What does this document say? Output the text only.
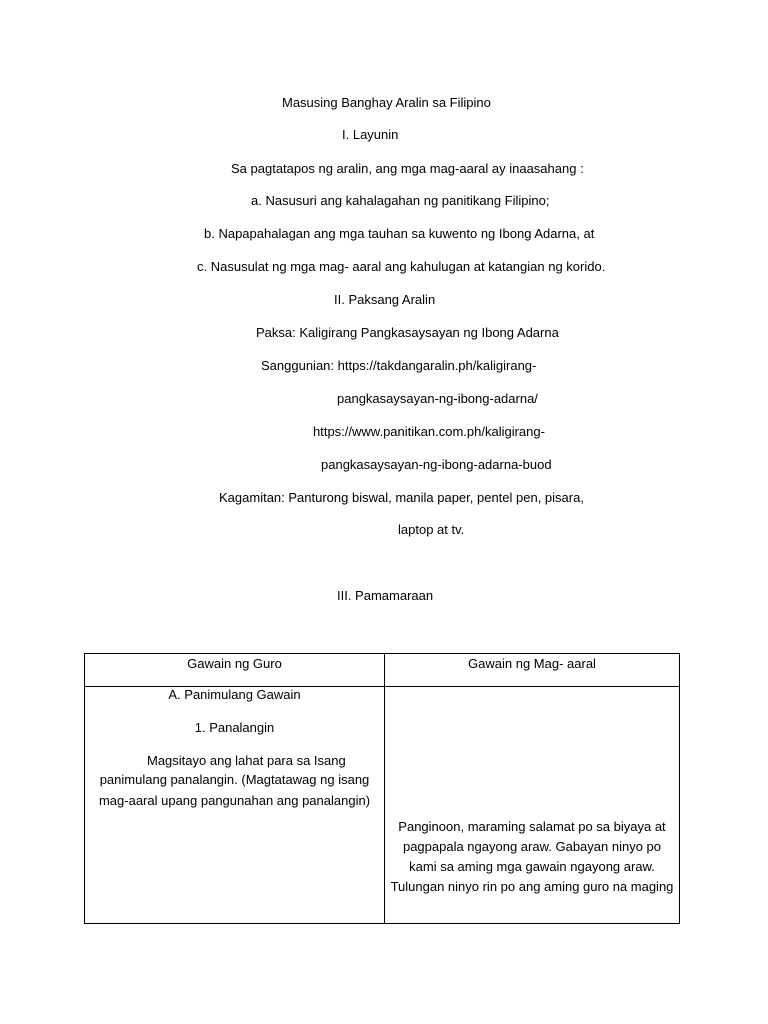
Masusing Banghay Aralin sa Filipino
I. Layunin
Sa pagtatapos ng aralin, ang mga mag-aaral ay inaasahang :
a. Nasusuri ang kahalagahan ng panitikang Filipino;
b. Napapahalagan ang mga tauhan sa kuwento ng Ibong Adarna, at
c. Nasusulat ng mga mag- aaral ang kahulugan at katangian ng korido.
II. Paksang Aralin
Paksa: Kaligirang Pangkasaysayan ng Ibong Adarna
Sanggunian: https://takdangaralin.ph/kaligirang-
pangkasaysayan-ng-ibong-adarna/
https://www.panitikan.com.ph/kaligirang-
pangkasaysayan-ng-ibong-adarna-buod
Kagamitan: Panturong biswal, manila paper, pentel pen, pisara,
laptop at tv.
III. Pamamaraan
Gawain ng Guro	Gawain ng Mag- aaral
A. Panimulang Gawain
1. Panalangin
Magsitayo ang lahat para sa Isang
panimulang panalangin. (Magtatawag ng isang
mag-aaral upang pangunahan ang panalangin)
Panginoon, maraming salamat po sa biyaya at
pagpapala ngayong araw. Gabayan ninyo po
kami sa aming mga gawain ngayong araw.
Tulungan ninyo rin po ang aming guro na maging
